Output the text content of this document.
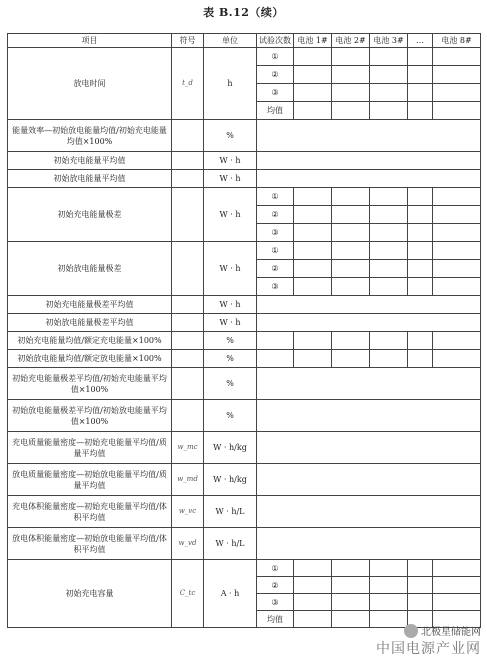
表 B.12（续）
项目	符号	单位	试验次数	电池 1#	电池 2#	电池 3#	…	电池 8#
放电时间	t_d	h	①					
			②					
			③					
			均值					
能量效率—初始放电能量均值/初始充电能量均值×100%		%						
初始充电能量平均值		W · h						
初始放电能量平均值		W · h						
初始充电能量极差		W · h	①					
			②					
			③					
初始放电能量极差		W · h	①					
			②					
			③					
初始充电能量极差平均值		W · h						
初始放电能量极差平均值		W · h						
初始充电能量均值/额定充电能量×100%		%						
初始放电能量均值/额定放电能量×100%		%						
初始充电能量极差平均值/初始充电能量平均值×100%		%						
初始放电能量极差平均值/初始放电能量平均值×100%		%						
充电质量能量密度—初始充电能量平均值/质量平均值	w_mc	W · h/kg						
放电质量能量密度—初始放电能量平均值/质量平均值	w_md	W · h/kg						
充电体积能量密度—初始充电能量平均值/体积平均值	w_vc	W · h/L						
放电体积能量密度—初始放电能量平均值/体积平均值	w_vd	W · h/L						
初始充电容量	C_tc	A · h	①					
			②					
			③					
			均值					
北极星储能网
中国电源产业网
